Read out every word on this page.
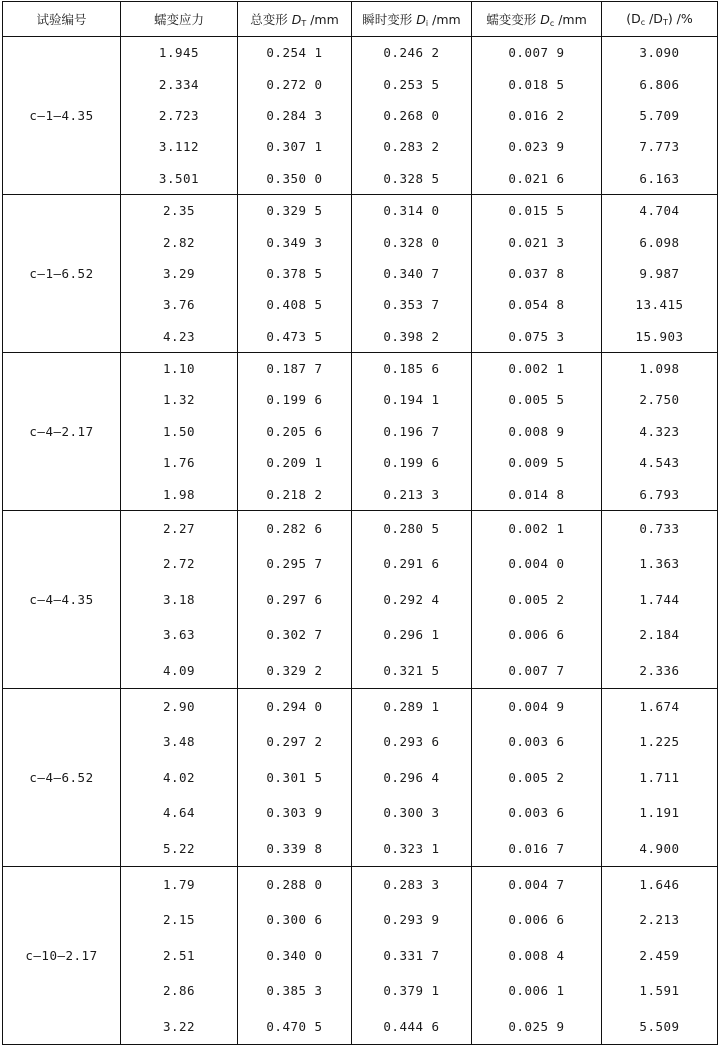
试验编号	蠕变应力	总变形 $D_T$ /mm	瞬时变形 $D_i$ /mm	蠕变变形 $D_c$ /mm	($D_c$ $/D_T$) /%
c—1—4.35	1.945	0.254 1	0.246 2	0.007 9	3.090
	2.334	0.272 0	0.253 5	0.018 5	6.806
	2.723	0.284 3	0.268 0	0.016 2	5.709
	3.112	0.307 1	0.283 2	0.023 9	7.773
	3.501	0.350 0	0.328 5	0.021 6	6.163
c—1—6.52	2.35	0.329 5	0.314 0	0.015 5	4.704
	2.82	0.349 3	0.328 0	0.021 3	6.098
	3.29	0.378 5	0.340 7	0.037 8	9.987
	3.76	0.408 5	0.353 7	0.054 8	13.415
	4.23	0.473 5	0.398 2	0.075 3	15.903
c—4—2.17	1.10	0.187 7	0.185 6	0.002 1	1.098
	1.32	0.199 6	0.194 1	0.005 5	2.750
	1.50	0.205 6	0.196 7	0.008 9	4.323
	1.76	0.209 1	0.199 6	0.009 5	4.543
	1.98	0.218 2	0.213 3	0.014 8	6.793
c—4—4.35	2.27	0.282 6	0.280 5	0.002 1	0.733
	2.72	0.295 7	0.291 6	0.004 0	1.363
	3.18	0.297 6	0.292 4	0.005 2	1.744
	3.63	0.302 7	0.296 1	0.006 6	2.184
	4.09	0.329 2	0.321 5	0.007 7	2.336
c—4—6.52	2.90	0.294 0	0.289 1	0.004 9	1.674
	3.48	0.297 2	0.293 6	0.003 6	1.225
	4.02	0.301 5	0.296 4	0.005 2	1.711
	4.64	0.303 9	0.300 3	0.003 6	1.191
	5.22	0.339 8	0.323 1	0.016 7	4.900
c—10—2.17	1.79	0.288 0	0.283 3	0.004 7	1.646
	2.15	0.300 6	0.293 9	0.006 6	2.213
	2.51	0.340 0	0.331 7	0.008 4	2.459
	2.86	0.385 3	0.379 1	0.006 1	1.591
	3.22	0.470 5	0.444 6	0.025 9	5.509
